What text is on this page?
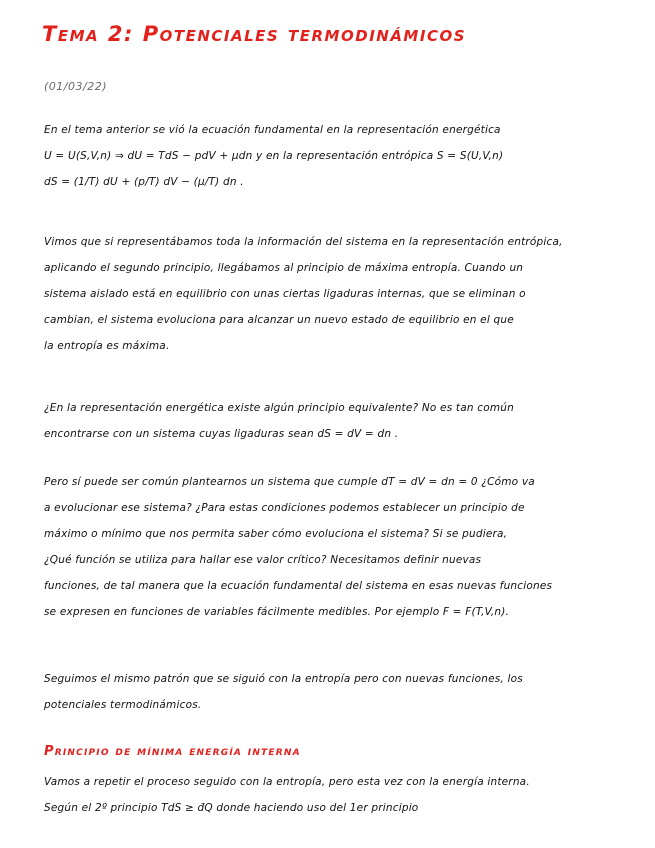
Tema 2: Potenciales termodinámicos
(01/03/22)
En el tema anterior se vió la ecuación fundamental en la representación energética
U = U(S,V,n) ⇒ dU = TdS − pdV + μdn y en la representación entrópica S = S(U,V,n)
dS = (1/T) dU + (p/T) dV − (μ/T) dn .
Vimos que si representábamos toda la información del sistema en la representación entrópica,
aplicando el segundo principio, llegábamos al principio de máxima entropía. Cuando un
sistema aislado está en equilibrio con unas ciertas ligaduras internas, que se eliminan o
cambian, el sistema evoluciona para alcanzar un nuevo estado de equilibrio en el que
la entropía es máxima.
¿En la representación energética existe algún principio equivalente? No es tan común
encontrarse con un sistema cuyas ligaduras sean dS = dV = dn .
Pero sí puede ser común plantearnos un sistema que cumple dT = dV = dn = 0 ¿Cómo va
a evolucionar ese sistema? ¿Para estas condiciones podemos establecer un principio de
máximo o mínimo que nos permita saber cómo evoluciona el sistema? Si se pudiera,
¿Qué función se utiliza para hallar ese valor crítico? Necesitamos definir nuevas
funciones, de tal manera que la ecuación fundamental del sistema en esas nuevas funciones
se expresen en funciones de variables fácilmente medibles. Por ejemplo F = F(T,V,n).
Seguimos el mismo patrón que se siguió con la entropía pero con nuevas funciones, los
potenciales termodinámicos.
Principio de mínima energía interna
Vamos a repetir el proceso seguido con la entropía, pero esta vez con la energía interna.
Según el 2º principio TdS ≥ đQ donde haciendo uso del 1er principio
